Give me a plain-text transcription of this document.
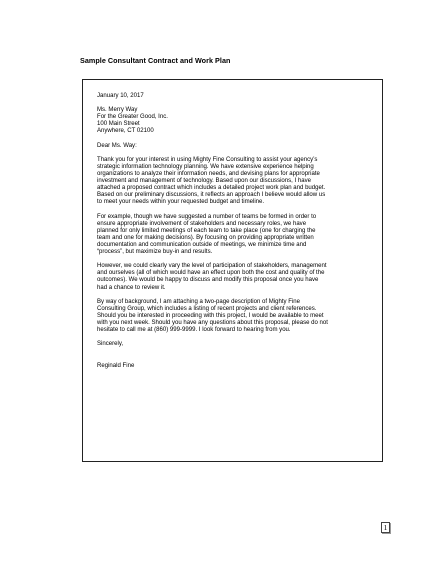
Sample Consultant Contract and Work Plan
January 10, 2017
Ms. Merry Way
For the Greater Good, Inc.
100 Main Street
Anywhere, CT 02100
Dear Ms. Way:
Thank you for your interest in using Mighty Fine Consulting to assist your agency’s
strategic information technology planning. We have extensive experience helping
organizations to analyze their information needs, and devising plans for appropriate
investment and management of technology. Based upon our discussions, I have
attached a proposed contract which includes a detailed project work plan and budget.
Based on our preliminary discussions, it reflects an approach I believe would allow us
to meet your needs within your requested budget and timeline.
For example, though we have suggested a number of teams be formed in order to
ensure appropriate involvement of stakeholders and necessary roles, we have
planned for only limited meetings of each team to take place (one for charging the
team and one for making decisions). By focusing on providing appropriate written
documentation and communication outside of meetings, we minimize time and
“process”, but maximize buy-in and results.
However, we could clearly vary the level of participation of stakeholders, management
and ourselves (all of which would have an effect upon both the cost and quality of the
outcomes). We would be happy to discuss and modify this proposal once you have
had a chance to review it.
By way of background, I am attaching a two-page description of Mighty Fine
Consulting Group, which includes a listing of recent projects and client references.
Should you be interested in proceeding with this project, I would be available to meet
with you next week. Should you have any questions about this proposal, please do not
hesitate to call me at (860) 999-9999. I look forward to hearing from you.
Sincerely,
Reginald Fine
1
